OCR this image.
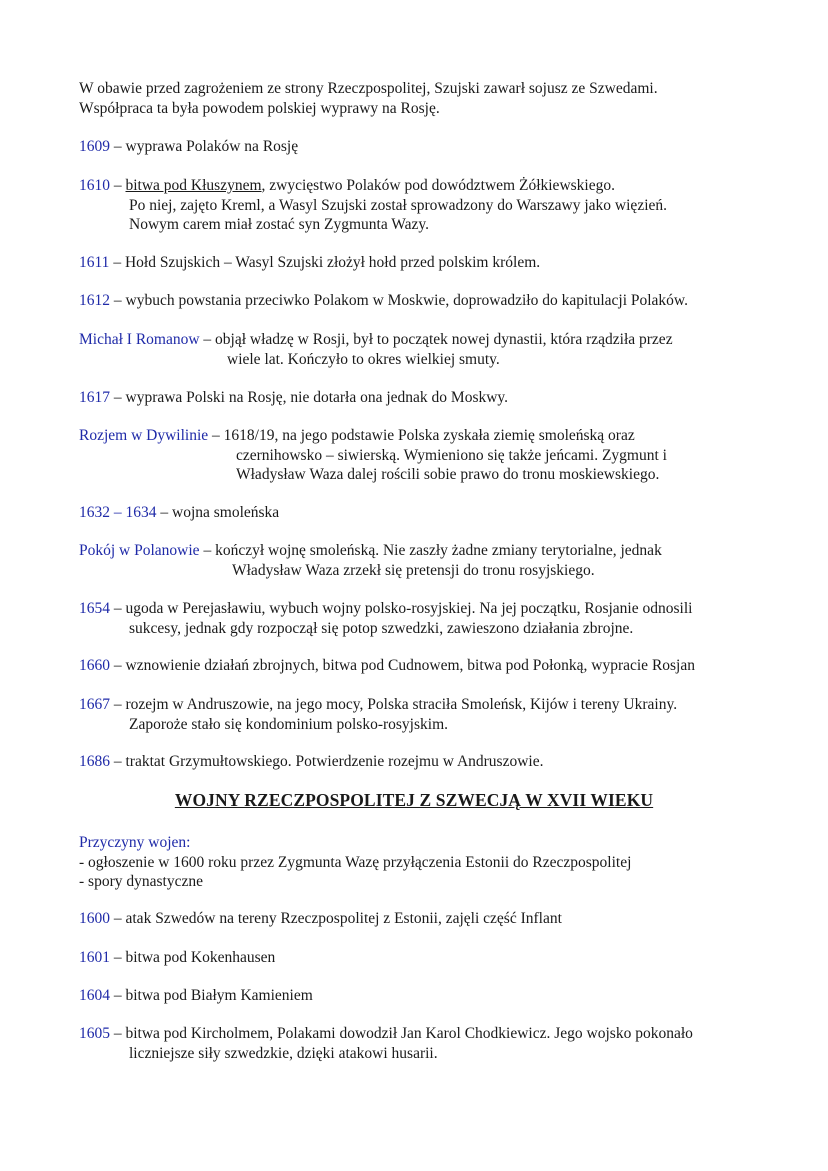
W obawie przed zagrożeniem ze strony Rzeczpospolitej, Szujski zawarł sojusz ze Szwedami.
Współpraca ta była powodem polskiej wyprawy na Rosję.
1609 – wyprawa Polaków na Rosję
1610 – bitwa pod Kłuszynem, zwycięstwo Polaków pod dowództwem Żółkiewskiego.
Po niej, zajęto Kreml, a Wasyl Szujski został sprowadzony do Warszawy jako więzień.
Nowym carem miał zostać syn Zygmunta Wazy.
1611 – Hołd Szujskich – Wasyl Szujski złożył hołd przed polskim królem.
1612 – wybuch powstania przeciwko Polakom w Moskwie, doprowadziło do kapitulacji Polaków.
Michał I Romanow – objął władzę w Rosji, był to początek nowej dynastii, która rządziła przez
wiele lat. Kończyło to okres wielkiej smuty.
1617 – wyprawa Polski na Rosję, nie dotarła ona jednak do Moskwy.
Rozjem w Dywilinie – 1618/19, na jego podstawie Polska zyskała ziemię smoleńską oraz
czernihowsko – siwierską. Wymieniono się także jeńcami. Zygmunt i
Władysław Waza dalej rościli sobie prawo do tronu moskiewskiego.
1632 – 1634 – wojna smoleńska
Pokój w Polanowie – kończył wojnę smoleńską. Nie zaszły żadne zmiany terytorialne, jednak
Władysław Waza zrzekł się pretensji do tronu rosyjskiego.
1654 – ugoda w Perejasławiu, wybuch wojny polsko-rosyjskiej. Na jej początku, Rosjanie odnosili
sukcesy, jednak gdy rozpoczął się potop szwedzki, zawieszono działania zbrojne.
1660 – wznowienie działań zbrojnych, bitwa pod Cudnowem, bitwa pod Połonką, wypracie Rosjan
1667 – rozejm w Andruszowie, na jego mocy, Polska straciła Smoleńsk, Kijów i tereny Ukrainy.
Zaporoże stało się kondominium polsko-rosyjskim.
1686 – traktat Grzymułtowskiego. Potwierdzenie rozejmu w Andruszowie.
WOJNY RZECZPOSPOLITEJ Z SZWECJĄ W XVII WIEKU
Przyczyny wojen:
- ogłoszenie w 1600 roku przez Zygmunta Wazę przyłączenia Estonii do Rzeczpospolitej
- spory dynastyczne
1600 – atak Szwedów na tereny Rzeczpospolitej z Estonii, zajęli część Inflant
1601 – bitwa pod Kokenhausen
1604 – bitwa pod Białym Kamieniem
1605 – bitwa pod Kircholmem, Polakami dowodził Jan Karol Chodkiewicz. Jego wojsko pokonało
liczniejsze siły szwedzkie, dzięki atakowi husarii.
